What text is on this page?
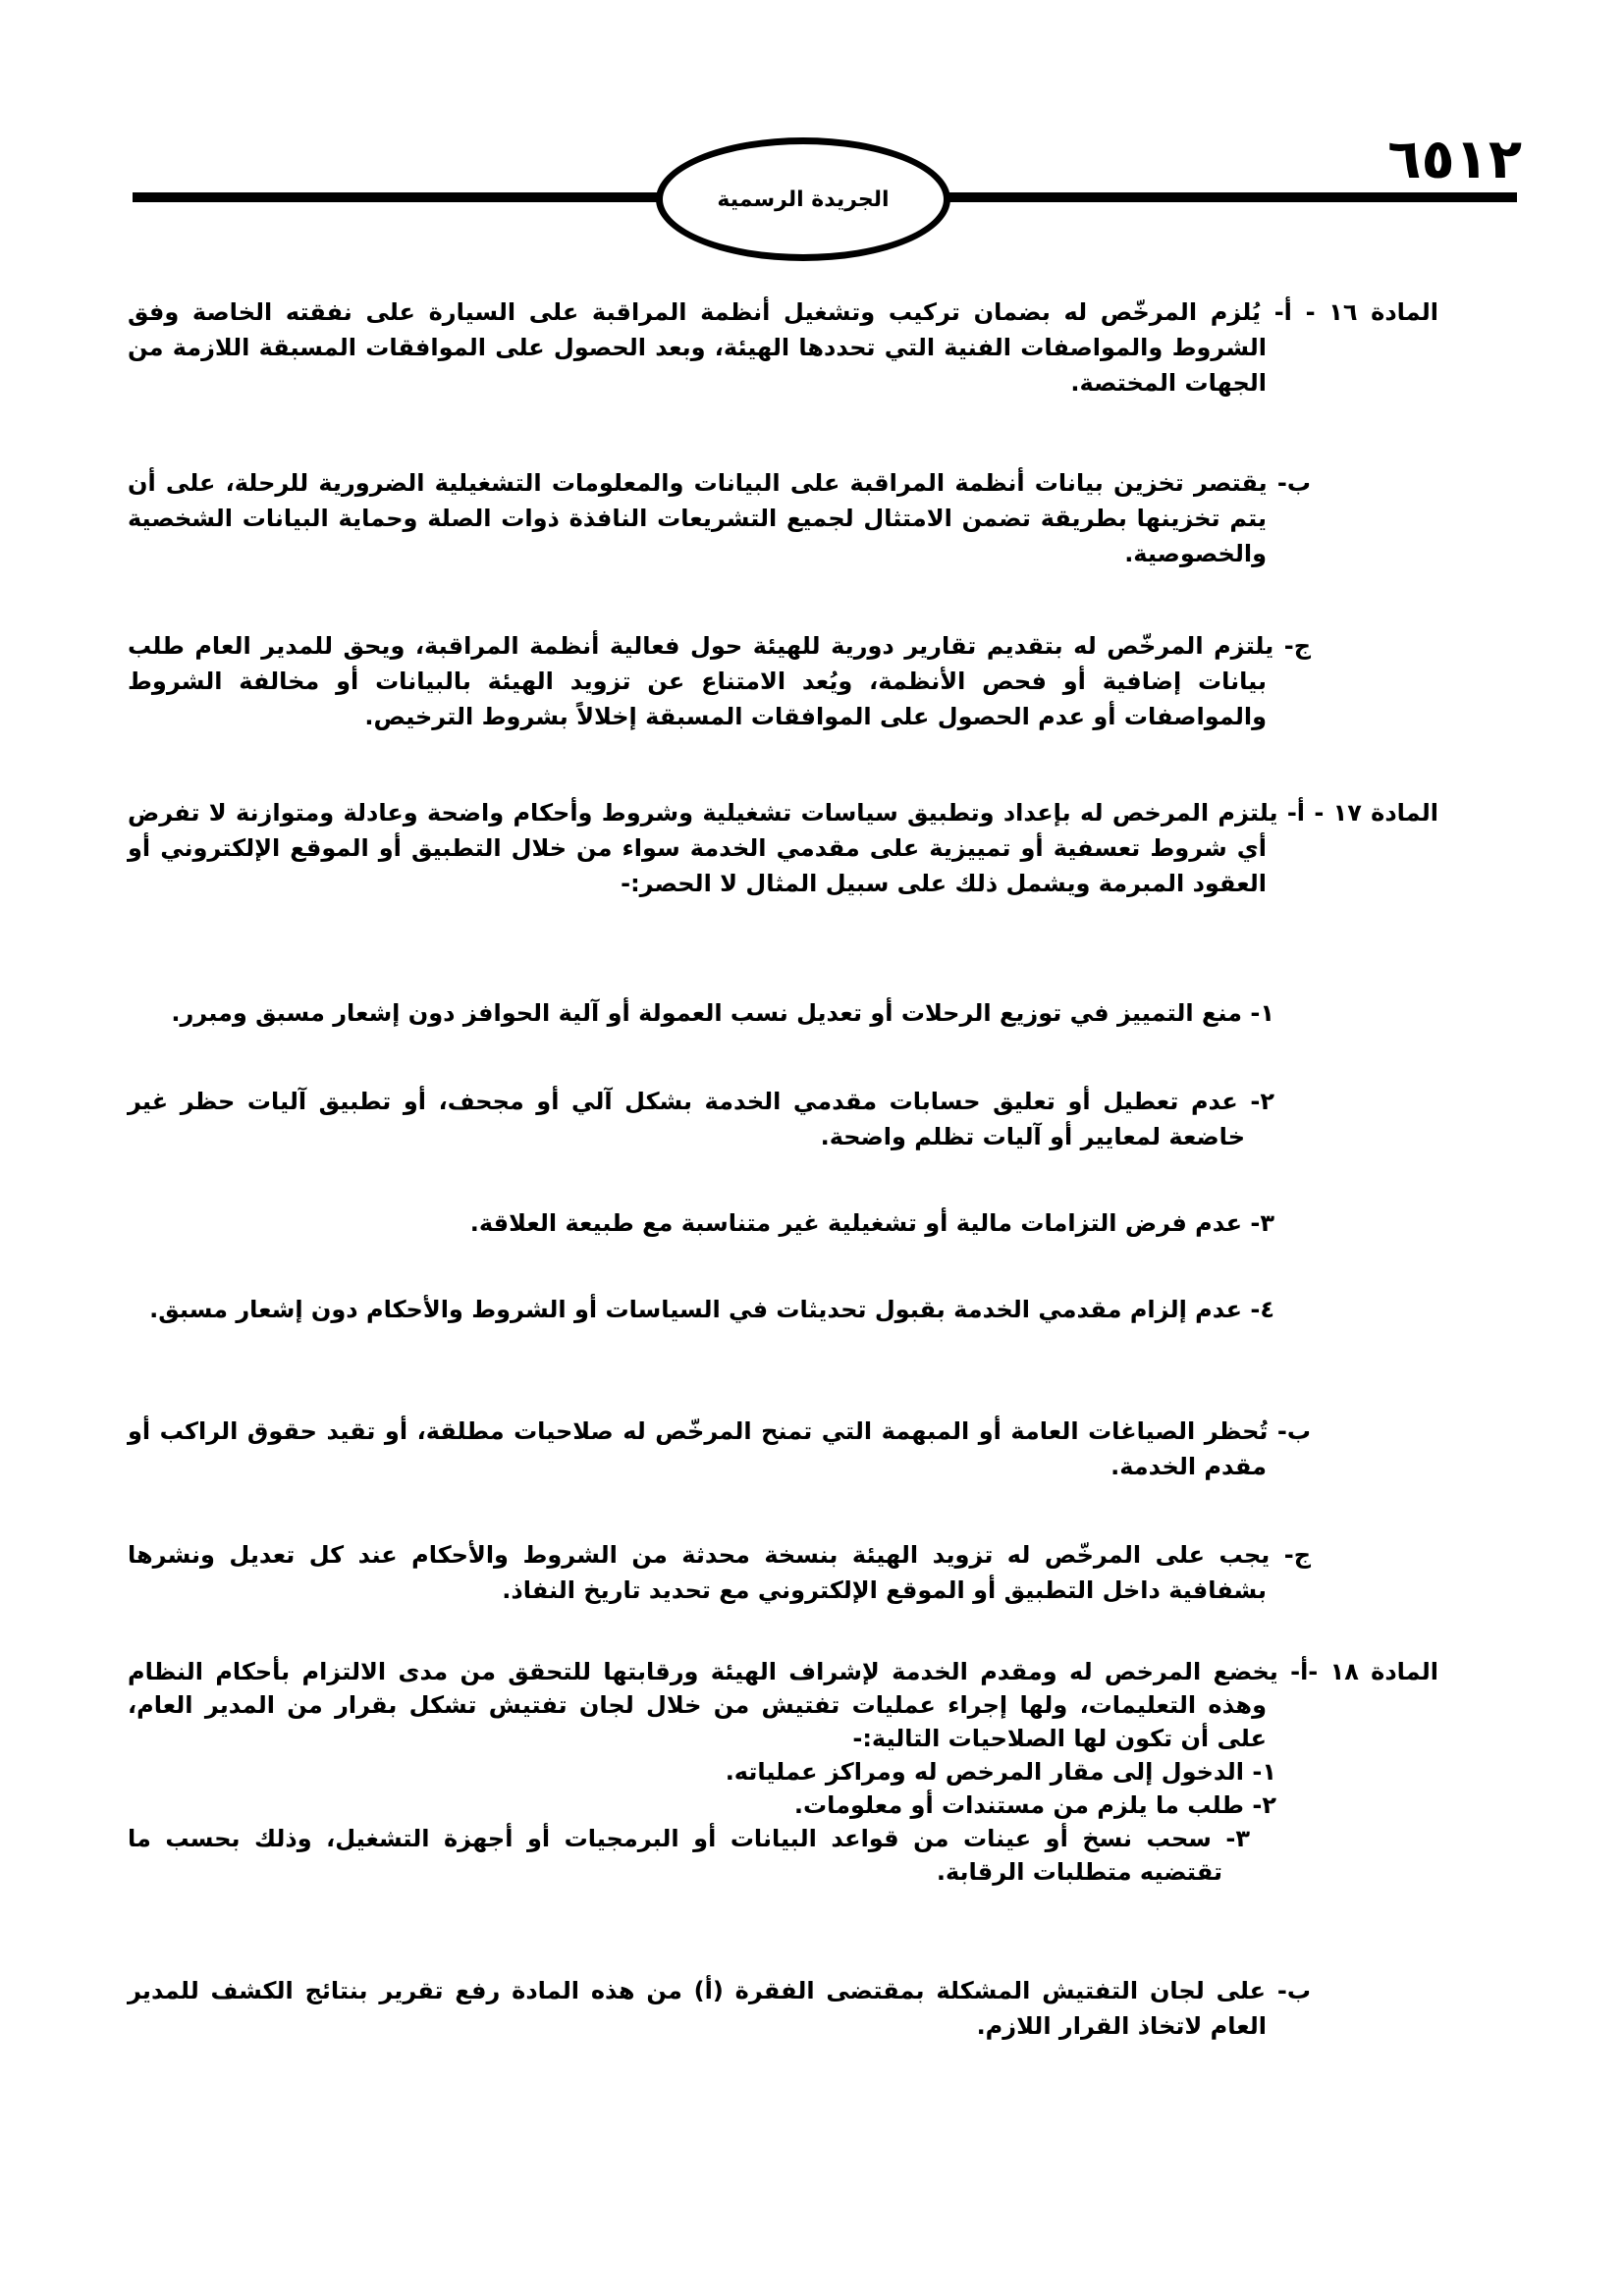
الجريدة الرسمية
٦٥١٢
المادة ١٦ - أ- يُلزم المرخّص له بضمان تركيب وتشغيل أنظمة المراقبة على السيارة على نفقته الخاصة وفق الشروط والمواصفات الفنية التي تحددها الهيئة، وبعد الحصول على الموافقات المسبقة اللازمة من الجهات المختصة.
ب- يقتصر تخزين بيانات أنظمة المراقبة على البيانات والمعلومات التشغيلية الضرورية للرحلة، على أن يتم تخزينها بطريقة تضمن الامتثال لجميع التشريعات النافذة ذوات الصلة وحماية البيانات الشخصية والخصوصية.
ج- يلتزم المرخّص له بتقديم تقارير دورية للهيئة حول فعالية أنظمة المراقبة، ويحق للمدير العام طلب بيانات إضافية أو فحص الأنظمة، ويُعد الامتناع عن تزويد الهيئة بالبيانات أو مخالفة الشروط والمواصفات أو عدم الحصول على الموافقات المسبقة إخلالاً بشروط الترخيص.
المادة ١٧ - أ- يلتزم المرخص له بإعداد وتطبيق سياسات تشغيلية وشروط وأحكام واضحة وعادلة ومتوازنة لا تفرض أي شروط تعسفية أو تمييزية على مقدمي الخدمة سواء من خلال التطبيق أو الموقع الإلكتروني أو العقود المبرمة ويشمل ذلك على سبيل المثال لا الحصر:-
١- منع التمييز في توزيع الرحلات أو تعديل نسب العمولة أو آلية الحوافز دون إشعار مسبق ومبرر.
٢- عدم تعطيل أو تعليق حسابات مقدمي الخدمة بشكل آلي أو مجحف، أو تطبيق آليات حظر غير خاضعة لمعايير أو آليات تظلم واضحة.
٣- عدم فرض التزامات مالية أو تشغيلية غير متناسبة مع طبيعة العلاقة.
٤- عدم إلزام مقدمي الخدمة بقبول تحديثات في السياسات أو الشروط والأحكام دون إشعار مسبق.
ب- تُحظر الصياغات العامة أو المبهمة التي تمنح المرخّص له صلاحيات مطلقة، أو تقيد حقوق الراكب أو مقدم الخدمة.
ج- يجب على المرخّص له تزويد الهيئة بنسخة محدثة من الشروط والأحكام عند كل تعديل ونشرها بشفافية داخل التطبيق أو الموقع الإلكتروني مع تحديد تاريخ النفاذ.
المادة ١٨ -أ- يخضع المرخص له ومقدم الخدمة لإشراف الهيئة ورقابتها للتحقق من مدى الالتزام بأحكام النظام وهذه التعليمات، ولها إجراء عمليات تفتيش من خلال لجان تفتيش تشكل بقرار من المدير العام، على أن تكون لها الصلاحيات التالية:-
١- الدخول إلى مقار المرخص له ومراكز عملياته.
٢- طلب ما يلزم من مستندات أو معلومات.
٣- سحب نسخ أو عينات من قواعد البيانات أو البرمجيات أو أجهزة التشغيل، وذلك بحسب ما تقتضيه متطلبات الرقابة.
ب- على لجان التفتيش المشكلة بمقتضى الفقرة (أ) من هذه المادة رفع تقرير بنتائج الكشف للمدير العام لاتخاذ القرار اللازم.
